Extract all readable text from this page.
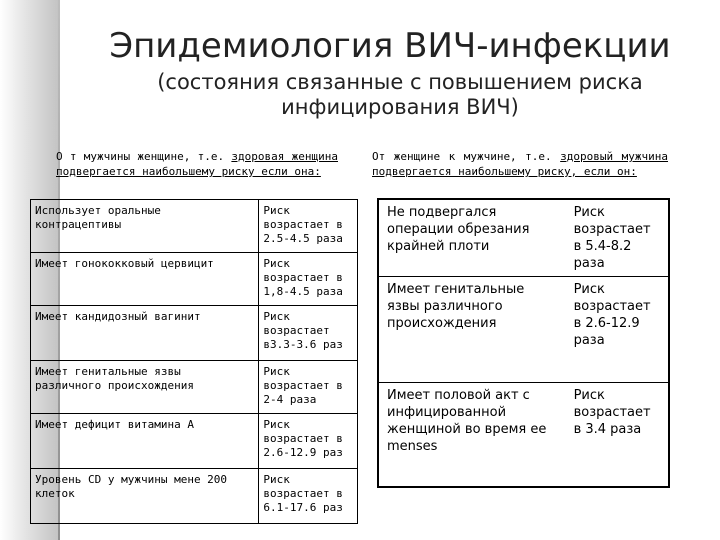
Эпидемиология ВИЧ-инфекции
(состояния связанные с повышением риска инфицирования ВИЧ)
О т мужчины женщине, т.е. здоровая женщина подвергается наибольшему риску если она:
От женщине к мужчине, т.е. здоровый мужчина подвергается наибольшему риску, если он:
Использует оральные контрацептивы	Риск возрастает в 2.5-4.5 раза
Имеет гонококковый цервицит	Риск возрастает в 1,8-4.5 раза
Имеет кандидозный вагинит	Риск возрастает в3.3-3.6 раз
Имеет генитальные язвы различного происхождения	Риск возрастает в 2-4 раза
Имеет дефицит витамина А	Риск возрастает в 2.6-12.9 раз
Уровень CD у мужчины мене 200 клеток	Риск возрастает в 6.1-17.6 раз
Не подвергался операции обрезания крайней плоти	Риск возрастает в 5.4-8.2 раза
Имеет генитальные язвы различного происхождения	Риск возрастает в 2.6-12.9 раза
Имеет половой акт с инфицированной женщиной во время ее menses	Риск возрастает в 3.4 раза
